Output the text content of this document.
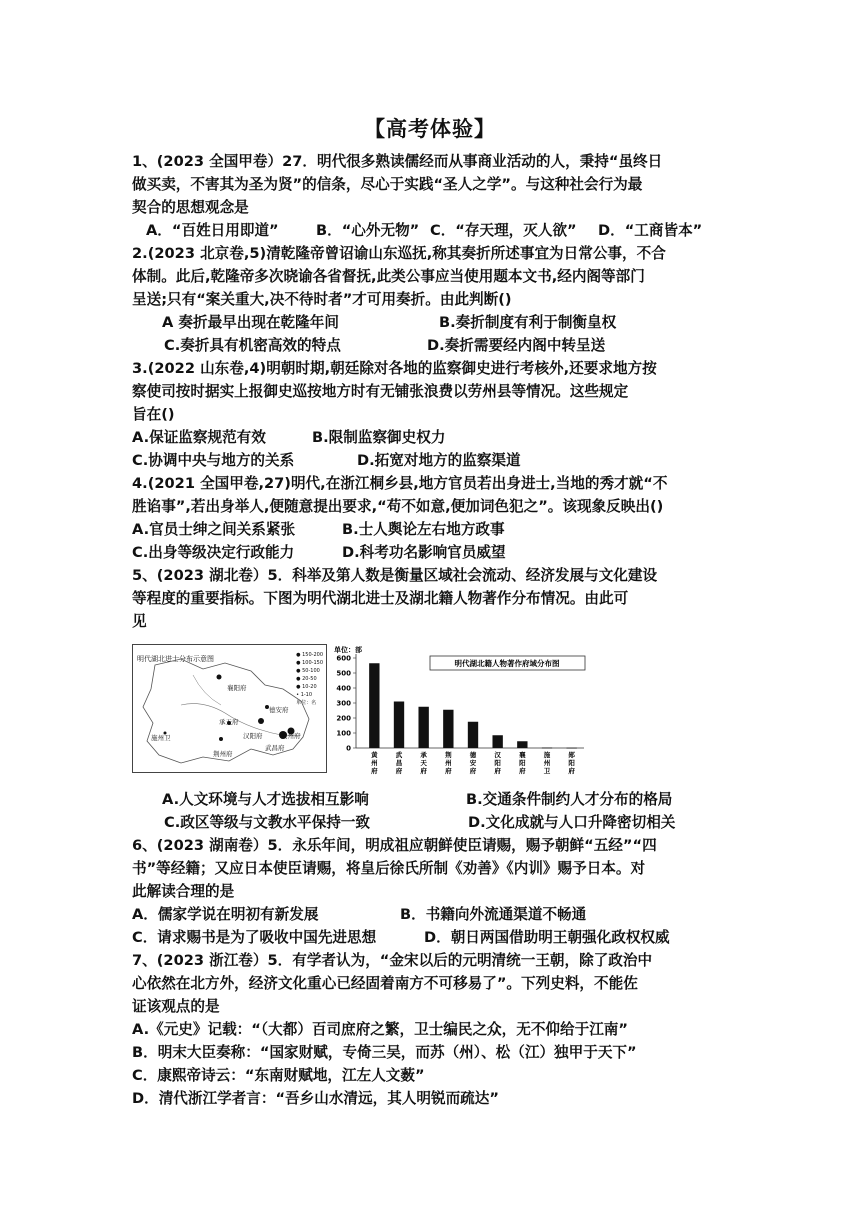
【高考体验】

1、(2023 全国甲卷）27．明代很多熟读儒经而从事商业活动的人，秉持“虽终日

做买卖，不害其为圣为贤”的信条，尽心于实践“圣人之学”。与这种社会行为最

契合的思想观念是

A．“百姓日用即道”	B．“心外无物” C．“存天理，灭人欲”	D．“工商皆本”

2.(2023 北京卷,5)清乾隆帝曾诏谕山东巡抚,称其奏折所述事宜为日常公事，不合

体制。此后,乾隆帝多次晓谕各省督抚,此类公事应当使用题本文书,经内阁等部门

呈送;只有“案关重大,决不待时者”才可用奏折。由此判断()

A 奏折最早出现在乾隆年间	B.奏折制度有利于制衡皇权
C.奏折具有机密高效的特点	D.奏折需要经内阁中转呈送

3.(2022 山东卷,4)明朝时期,朝廷除对各地的监察御史进行考核外,还要求地方按

察使司按时据实上报御史巡按地方时有无铺张浪费以劳州县等情况。这些规定

旨在()

A.保证监察规范有效	B.限制监察御史权力
C.协调中央与地方的关系	D.拓宽对地方的监察渠道

4.(2021 全国甲卷,27)明代,在浙江桐乡县,地方官员若出身进士,当地的秀才就“不

胜谄事”,若出身举人,便随意提出要求,“苟不如意,便加词色犯之”。该现象反映出()

A.官员士绅之间关系紧张	B.士人舆论左右地方政事
C.出身等级决定行政能力	D.科考功名影响官员威望

5、(2023 湖北卷）5．科举及第人数是衡量区域社会流动、经济发展与文化建设

等程度的重要指标。下图为明代湖北进士及湖北籍人物著作分布情况。由此可

见

明代湖北进士分布示意图	● 150-200
● 100-150
● 50-100
● 20-50
● 10-20
• 1-10
单位：名
襄阳府
德安府
承天府
汉阳府	黄州府
武昌府
施州卫
荆州府
单位：部
明代湖北籍人物著作府域分布图
0
100
200
300
400
500
600
黄
州
府
武
昌
府
承
天
府
荆
州
府
德
安
府
汉
阳
府
襄
阳
府
施
州
卫
郧
阳
府
A.人文环境与人才选拔相互影响	B.交通条件制约人才分布的格局
C.政区等级与文教水平保持一致	D.文化成就与人口升降密切相关

6、(2023 湖南卷）5．永乐年间，明成祖应朝鲜使臣请赐，赐予朝鲜“五经”“四

书”等经籍；又应日本使臣请赐，将皇后徐氏所制《劝善》《内训》赐予日本。对

此解读合理的是

A．儒家学说在明初有新发展	B．书籍向外流通渠道不畅通
C．请求赐书是为了吸收中国先进思想	D．朝日两国借助明王朝强化政权权威

7、(2023 浙江卷）5．有学者认为，“金宋以后的元明清统一王朝，除了政治中

心依然在北方外，经济文化重心已经固着南方不可移易了”。下列史料，不能佐

证该观点的是

A.《元史》记载：“（大都）百司庶府之繁，卫士编民之众，无不仰给于江南”

B．明末大臣奏称：“国家财赋，专倚三吴，而苏（州）、松（江）独甲于天下”

C．康熙帝诗云：“东南财赋地，江左人文薮”

D．清代浙江学者言：“吾乡山水清远，其人明锐而疏达”
